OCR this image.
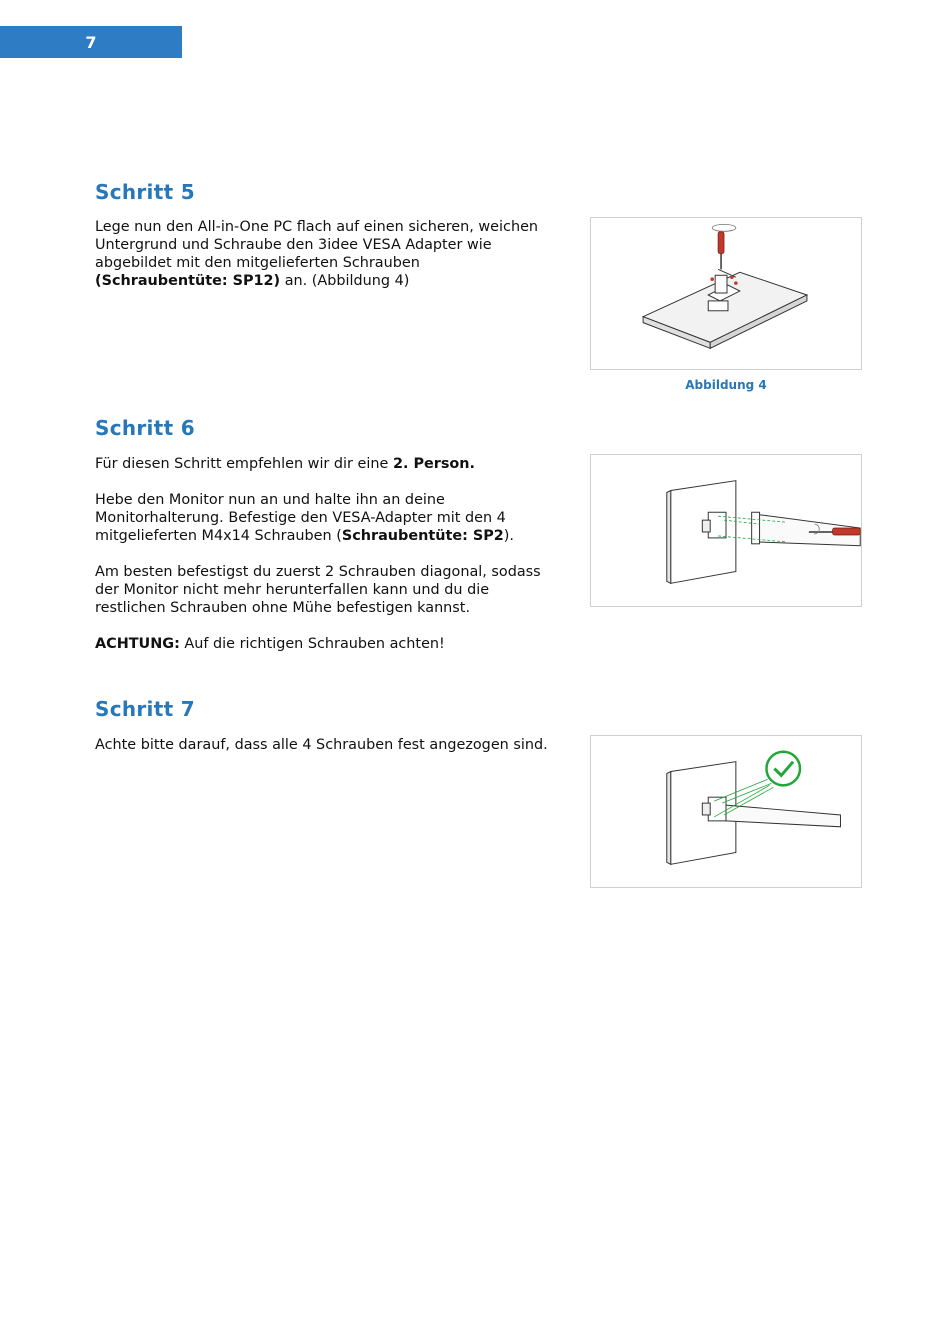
7
Schritt 5

Lege nun den All-in-One PC flach auf einen sicheren, weichen Untergrund und Schraube den 3idee VESA Adapter wie abgebildet mit den mitgelieferten Schrauben (Schraubentüte: SP12) an. (Abbildung 4)

Abbildung 4
Schritt 6

Für diesen Schritt empfehlen wir dir eine 2. Person.

Hebe den Monitor nun an und halte ihn an deine Monitorhalterung. Befestige den VESA-Adapter mit den 4 mitgelieferten M4x14 Schrauben (Schraubentüte: SP2).

Am besten befestigst du zuerst 2 Schrauben diagonal, sodass der Monitor nicht mehr herunterfallen kann und du die restlichen Schrauben ohne Mühe befestigen kannst.

ACHTUNG: Auf die richtigen Schrauben achten!

Schritt 7

Achte bitte darauf, dass alle 4 Schrauben fest angezogen sind.
